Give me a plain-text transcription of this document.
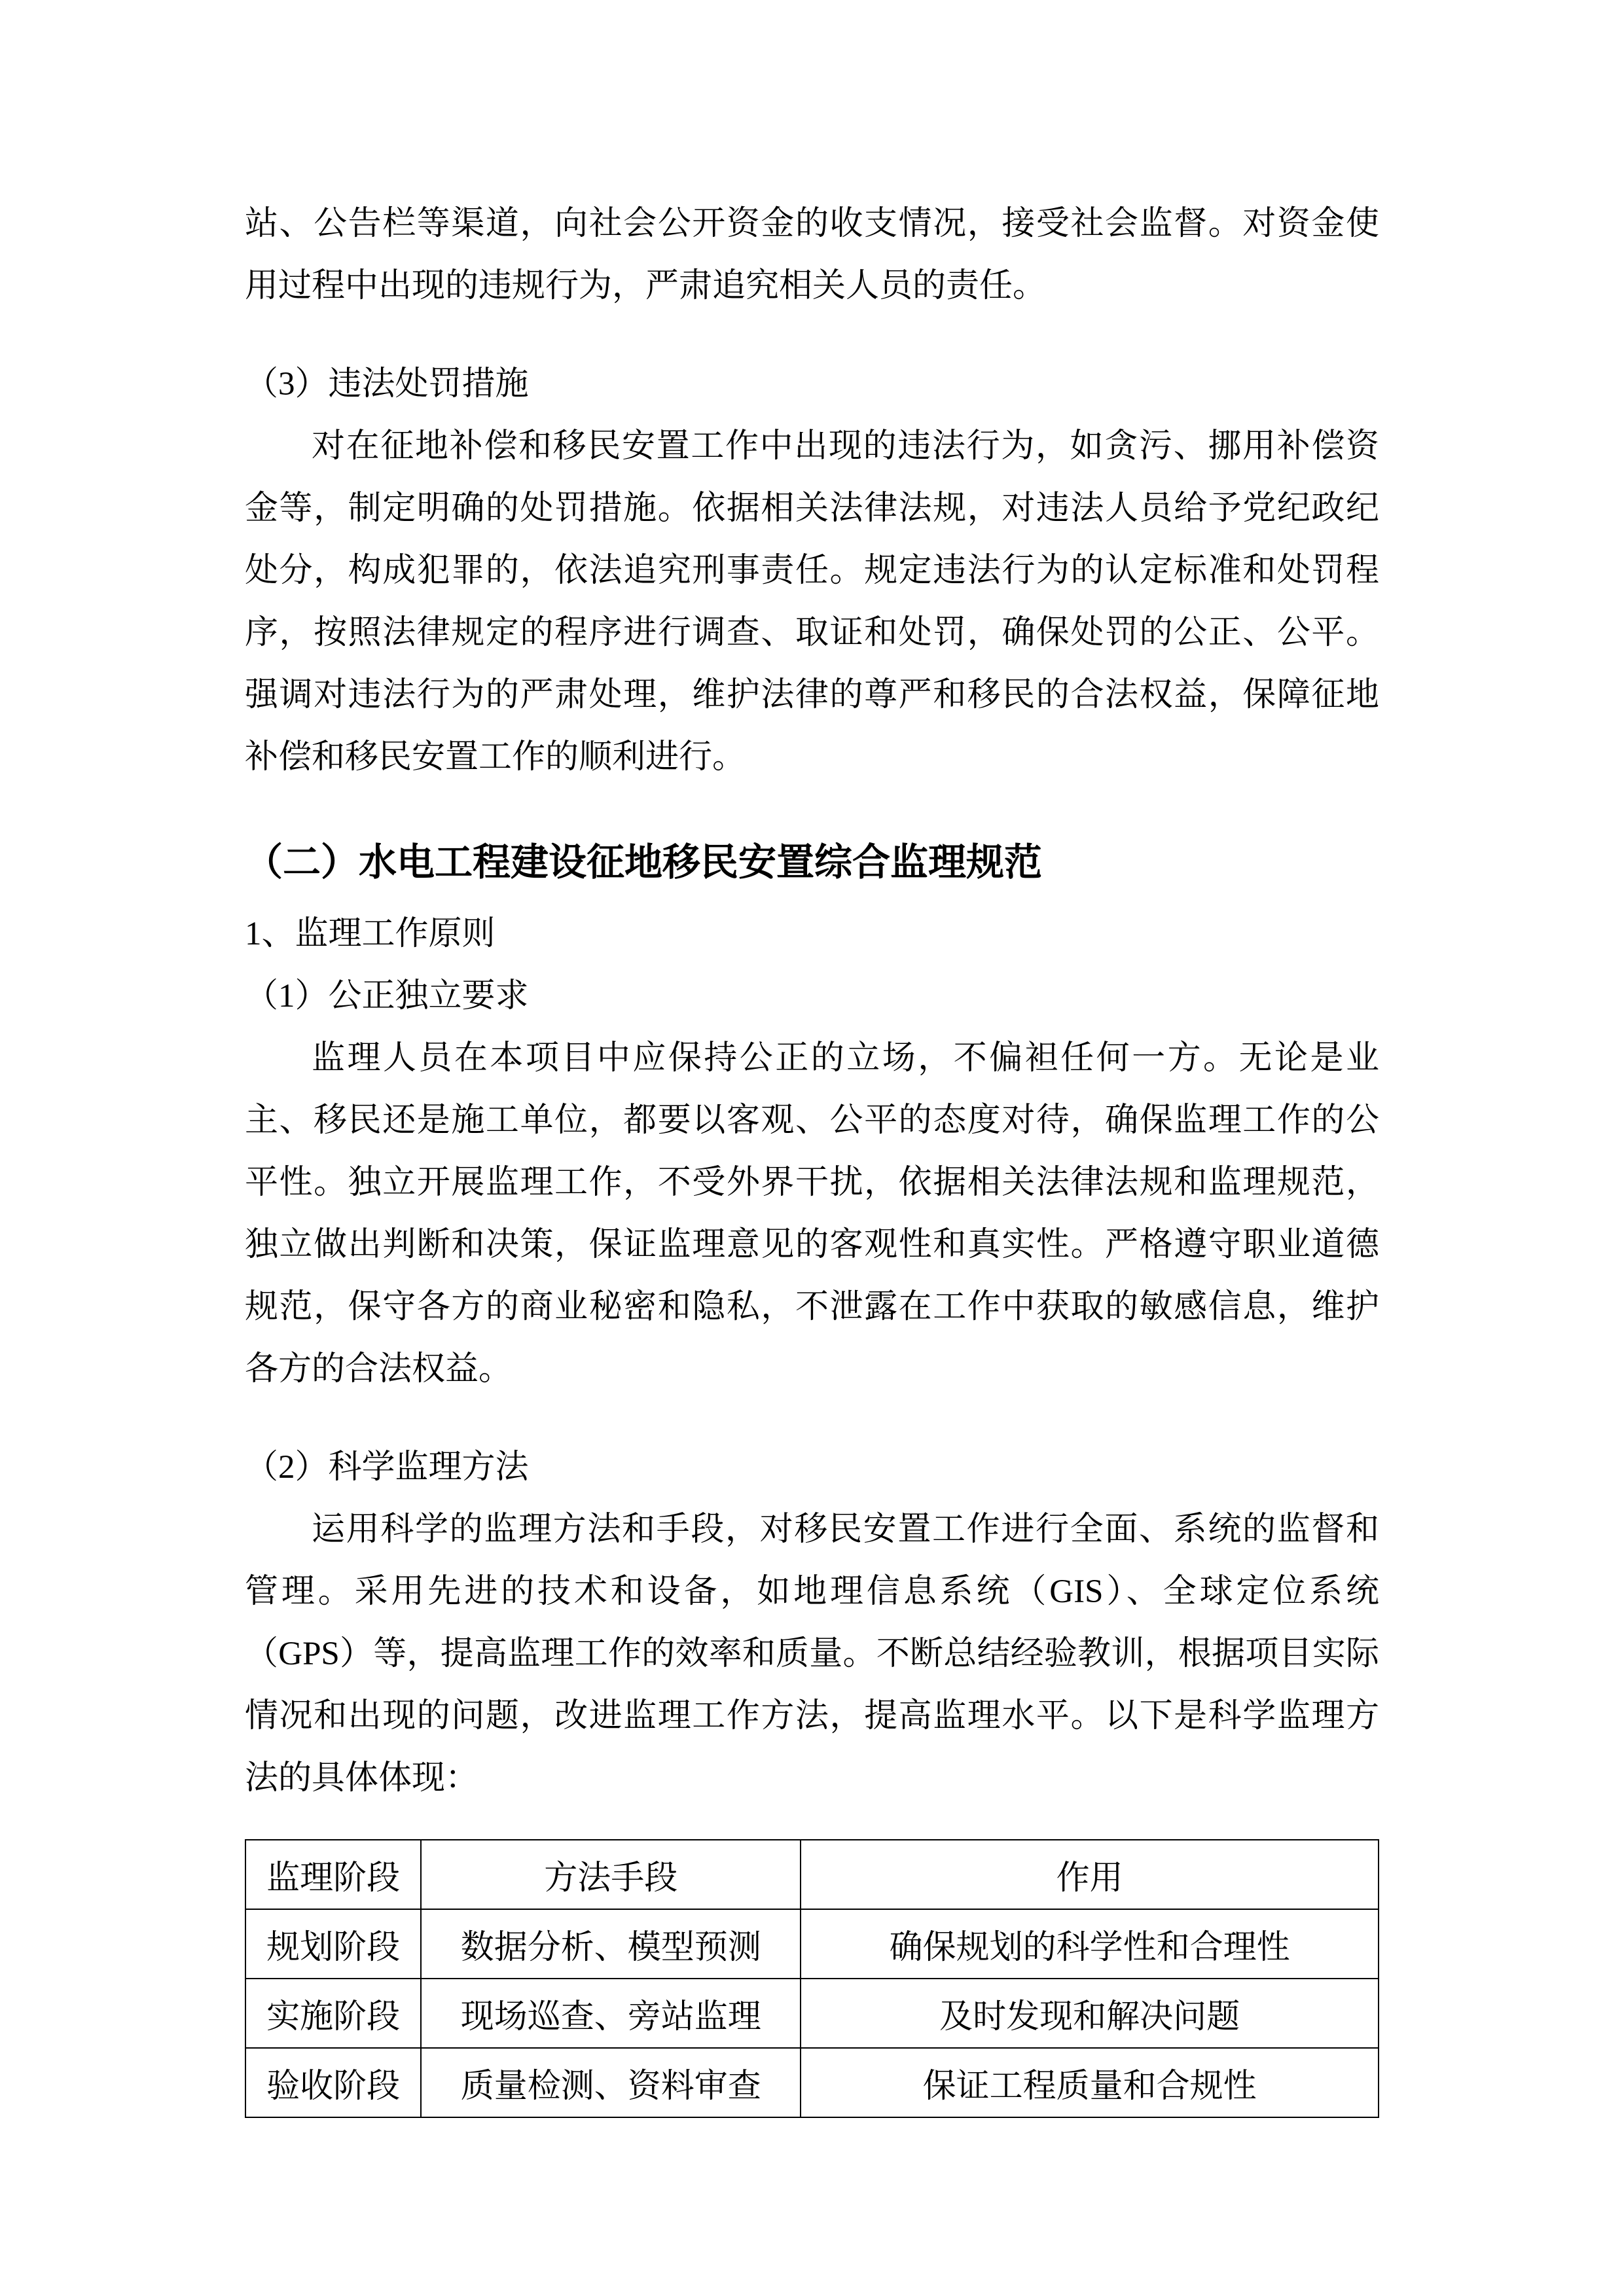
站、公告栏等渠道，向社会公开资金的收支情况，接受社会监督。对资金使用过程中出现的违规行为，严肃追究相关人员的责任。

（3）违法处罚措施

对在征地补偿和移民安置工作中出现的违法行为，如贪污、挪用补偿资金等，制定明确的处罚措施。依据相关法律法规，对违法人员给予党纪政纪处分，构成犯罪的，依法追究刑事责任。规定违法行为的认定标准和处罚程序，按照法律规定的程序进行调查、取证和处罚，确保处罚的公正、公平。强调对违法行为的严肃处理，维护法律的尊严和移民的合法权益，保障征地补偿和移民安置工作的顺利进行。

（二）水电工程建设征地移民安置综合监理规范

1、监理工作原则

（1）公正独立要求

监理人员在本项目中应保持公正的立场，不偏袒任何一方。无论是业主、移民还是施工单位，都要以客观、公平的态度对待，确保监理工作的公平性。独立开展监理工作，不受外界干扰，依据相关法律法规和监理规范，独立做出判断和决策，保证监理意见的客观性和真实性。严格遵守职业道德规范，保守各方的商业秘密和隐私，不泄露在工作中获取的敏感信息，维护各方的合法权益。

（2）科学监理方法

运用科学的监理方法和手段，对移民安置工作进行全面、系统的监督和管理。采用先进的技术和设备，如地理信息系统（GIS）、全球定位系统（GPS）等，提高监理工作的效率和质量。不断总结经验教训，根据项目实际情况和出现的问题，改进监理工作方法，提高监理水平。以下是科学监理方法的具体体现：

监理阶段	方法手段	作用
规划阶段	数据分析、模型预测	确保规划的科学性和合理性
实施阶段	现场巡查、旁站监理	及时发现和解决问题
验收阶段	质量检测、资料审查	保证工程质量和合规性
